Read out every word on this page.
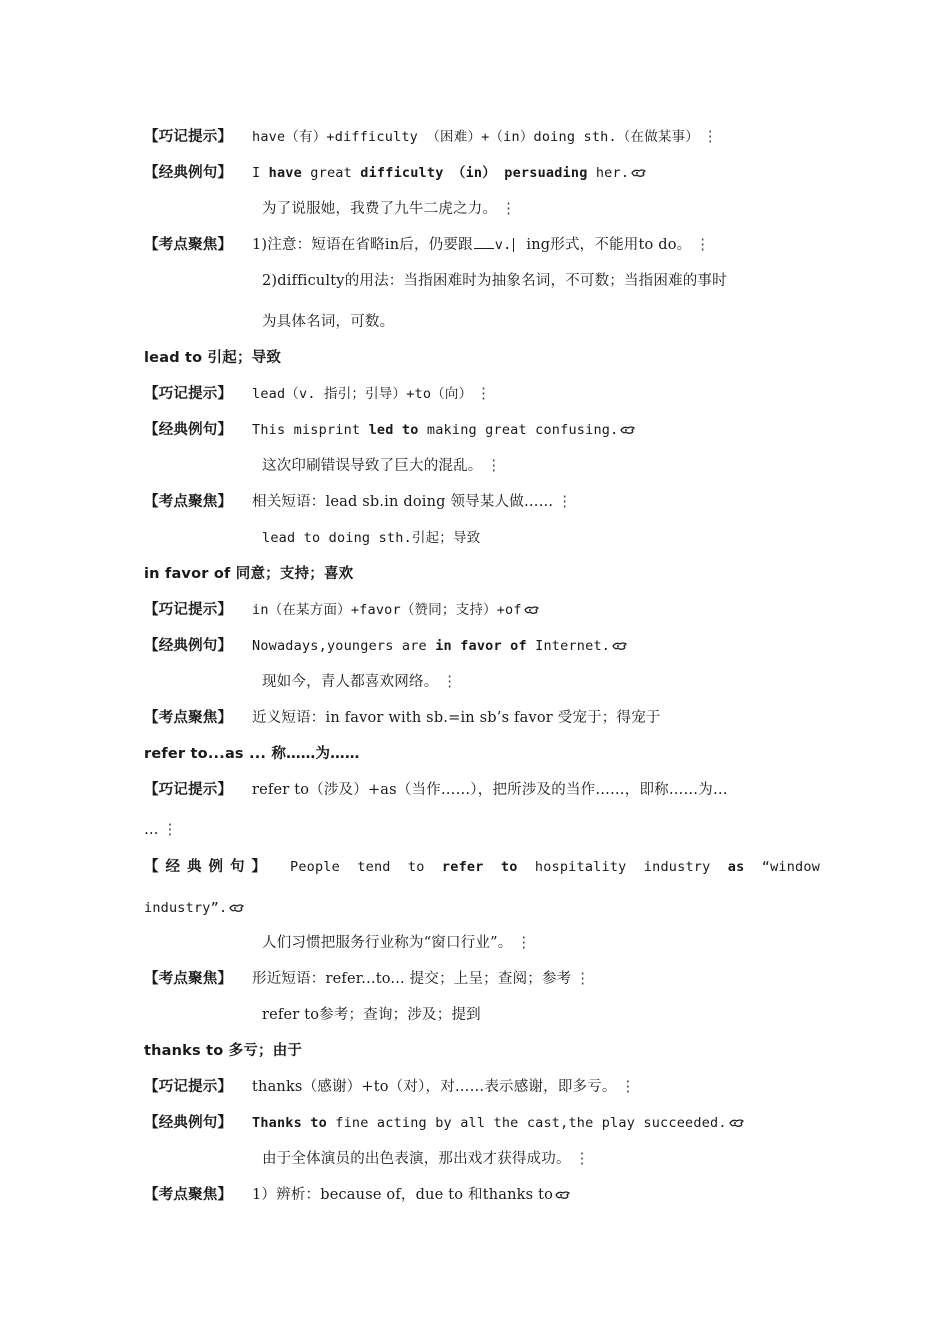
【巧记提示】 have（有）+difficulty （困难）+（in）doing sth.（在做某事） ⋮
【经典例句】 I have great difficulty （in） persuading her.
为了说服她，我费了九牛二虎之力。 ⋮
【考点聚焦】 1)注意：短语在省略in后，仍要跟 v. ing形式，不能用to do。 ⋮
2)difficulty的用法：当指困难时为抽象名词，不可数；当指困难的事时
为具体名词，可数。
lead to 引起；导致
【巧记提示】 lead（v. 指引；引导）+to（向） ⋮
【经典例句】 This misprint led to making great confusing.
这次印刷错误导致了巨大的混乱。 ⋮
【考点聚焦】 相关短语：lead sb.in doing 领导某人做…… ⋮
lead to doing sth.引起；导致
in favor of 同意；支持；喜欢
【巧记提示】 in（在某方面）+favor（赞同；支持）+of
【经典例句】 Nowadays,youngers are in favor of Internet.
现如今，青人都喜欢网络。 ⋮
【考点聚焦】 近义短语：in favor with sb.=in sb’s favor 受宠于；得宠于
refer to...as ... 称……为……
【巧记提示】 refer to（涉及）+as（当作……），把所涉及的当作……，即称……为…
… ⋮
【经典例句】 People tend to refer to hospitality industry as “window
industry”.
人们习惯把服务行业称为“窗口行业”。 ⋮
【考点聚焦】 形近短语：refer...to... 提交；上呈；查阅；参考 ⋮
refer to参考；查询；涉及；提到
thanks to 多亏；由于
【巧记提示】 thanks（感谢）+to（对），对……表示感谢，即多亏。 ⋮
【经典例句】 Thanks to fine acting by all the cast,the play succeeded.
由于全体演员的出色表演，那出戏才获得成功。 ⋮
【考点聚焦】 1）辨析：because of，due to 和thanks to
